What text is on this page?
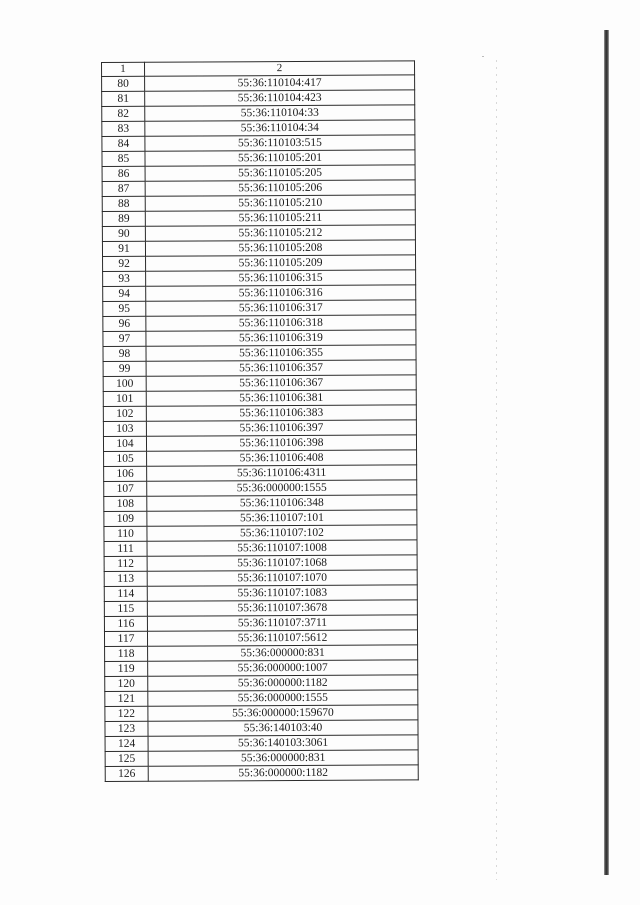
1	2
80	55:36:110104:417
81	55:36:110104:423
82	55:36:110104:33
83	55:36:110104:34
84	55:36:110103:515
85	55:36:110105:201
86	55:36:110105:205
87	55:36:110105:206
88	55:36:110105:210
89	55:36:110105:211
90	55:36:110105:212
91	55:36:110105:208
92	55:36:110105:209
93	55:36:110106:315
94	55:36:110106:316
95	55:36:110106:317
96	55:36:110106:318
97	55:36:110106:319
98	55:36:110106:355
99	55:36:110106:357
100	55:36:110106:367
101	55:36:110106:381
102	55:36:110106:383
103	55:36:110106:397
104	55:36:110106:398
105	55:36:110106:408
106	55:36:110106:4311
107	55:36:000000:1555
108	55:36:110106:348
109	55:36:110107:101
110	55:36:110107:102
111	55:36:110107:1008
112	55:36:110107:1068
113	55:36:110107:1070
114	55:36:110107:1083
115	55:36:110107:3678
116	55:36:110107:3711
117	55:36:110107:5612
118	55:36:000000:831
119	55:36:000000:1007
120	55:36:000000:1182
121	55:36:000000:1555
122	55:36:000000:159670
123	55:36:140103:40
124	55:36:140103:3061
125	55:36:000000:831
126	55:36:000000:1182
